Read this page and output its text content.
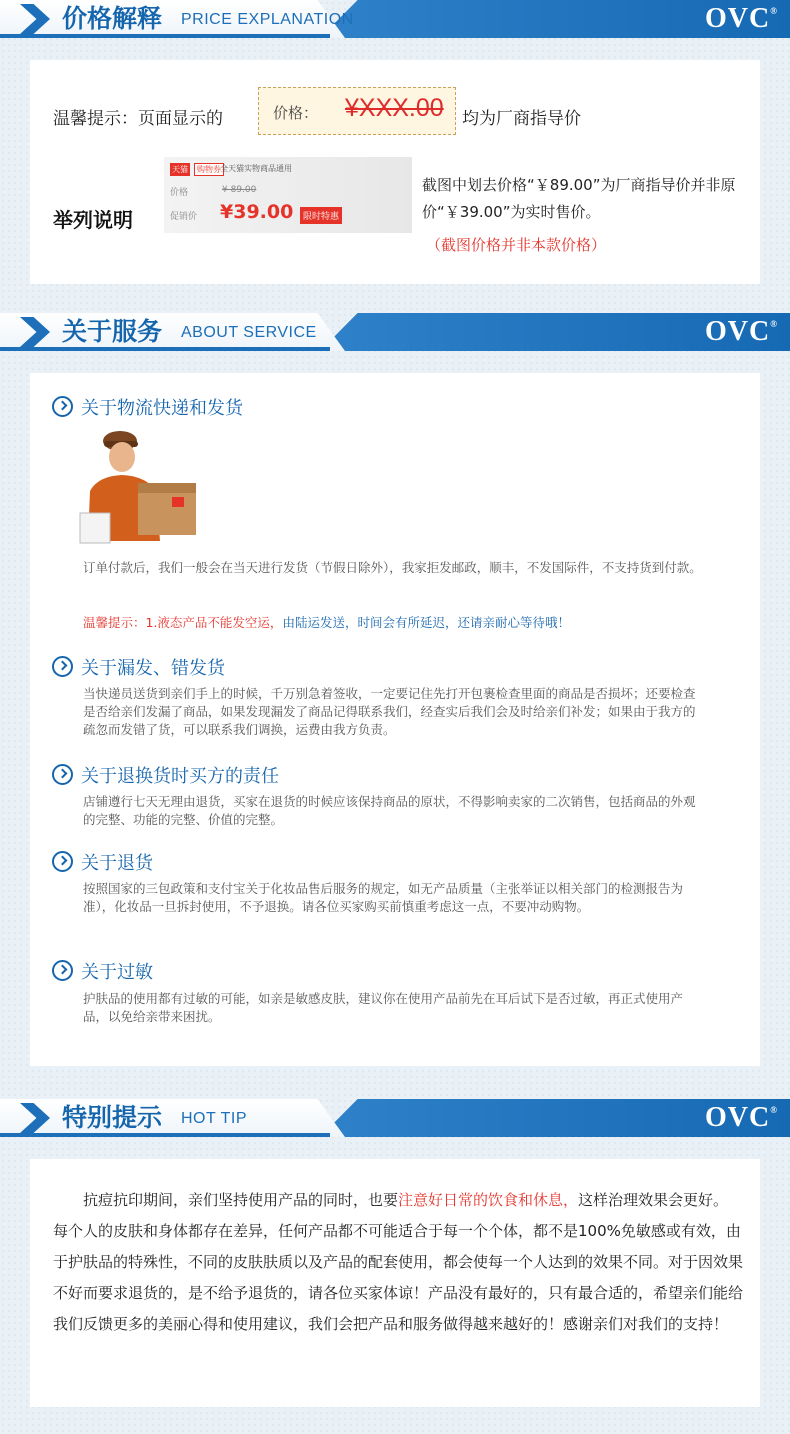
价格解释 PRICE EXPLANATION	OVC®
温馨提示：页面显示的	价格： ¥XXX.00 均为厂商指导价
举列说明
天猫	购物券 全天猫实物商品通用
价格	¥ 89.00
促销价 ¥39.00	限时特惠
截图中划去价格“￥89.00”为厂商指导价并非原价“￥39.00”为实时售价。
（截图价格并非本款价格）
关于服务 ABOUT SERVICE	OVC®
关于物流快递和发货
订单付款后，我们一般会在当天进行发货（节假日除外），我家拒发邮政，顺丰，不发国际件，不支持货到付款。
温馨提示：1.液态产品不能发空运，由陆运发送，时间会有所延迟，还请亲耐心等待哦！
关于漏发、错发货
当快递员送货到亲们手上的时候，千万别急着签收，一定要记住先打开包裹检查里面的商品是否损坏；还要检查是否给亲们发漏了商品，如果发现漏发了商品记得联系我们，经查实后我们会及时给亲们补发；如果由于我方的疏忽而发错了货，可以联系我们调换，运费由我方负责。
关于退换货时买方的责任
店铺遵行七天无理由退货，买家在退货的时候应该保持商品的原状，不得影响卖家的二次销售，包括商品的外观的完整、功能的完整、价值的完整。
关于退货
按照国家的三包政策和支付宝关于化妆品售后服务的规定，如无产品质量（主张举证以相关部门的检测报告为准），化妆品一旦拆封使用，不予退换。请各位买家购买前慎重考虑这一点，不要冲动购物。
关于过敏
护肤品的使用都有过敏的可能，如亲是敏感皮肤，建议你在使用产品前先在耳后试下是否过敏，再正式使用产品，以免给亲带来困扰。
特别提示 HOT TIP	OVC®
抗痘抗印期间，亲们坚持使用产品的同时，也要注意好日常的饮食和休息，这样治理效果会更好。每个人的皮肤和身体都存在差异，任何产品都不可能适合于每一个个体，都不是100%免敏感或有效，由于护肤品的特殊性，不同的皮肤肤质以及产品的配套使用，都会使每一个人达到的效果不同。对于因效果不好而要求退货的，是不给予退货的，请各位买家体谅！产品没有最好的，只有最合适的，希望亲们能给我们反馈更多的美丽心得和使用建议，我们会把产品和服务做得越来越好的！感谢亲们对我们的支持！
